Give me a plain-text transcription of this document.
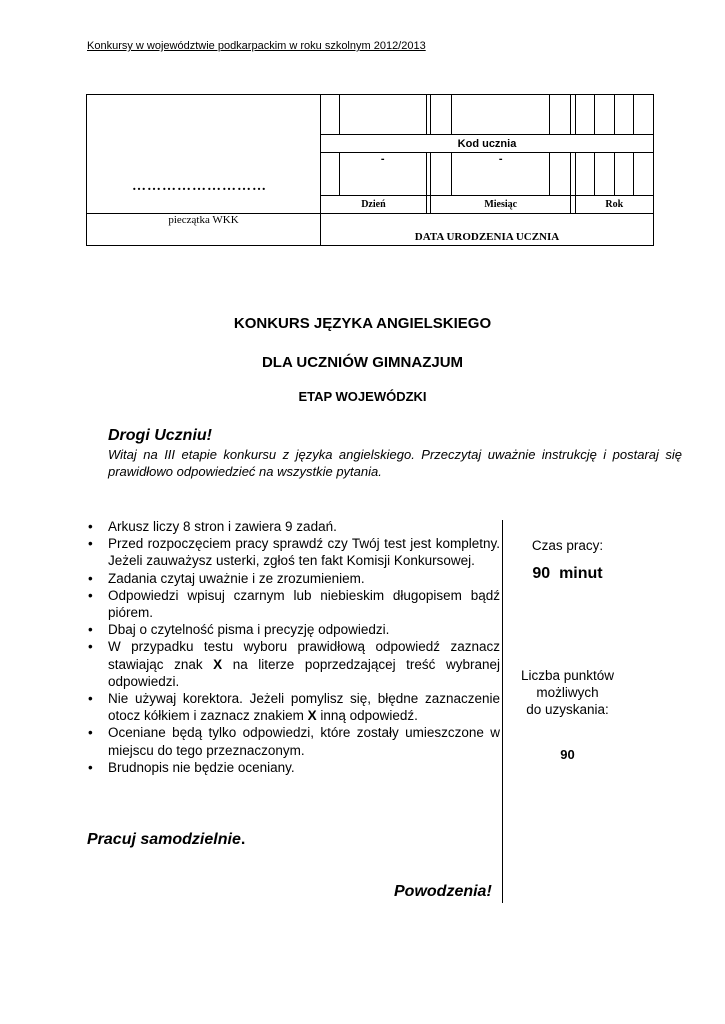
Konkursy w województwie podkarpackim w roku szkolnym 2012/2013
………………………											

	Kod ucznia										
		-			-						
	Dzień			Miesiąc				Rok			
pieczątka WKK	DATA URODZENIA UCZNIA										
KONKURS JĘZYKA ANGIELSKIEGO
DLA UCZNIÓW GIMNAZJUM
ETAP WOJEWÓDZKI
Drogi Uczniu!
Witaj na III etapie konkursu z języka angielskiego. Przeczytaj uważnie instrukcję i postaraj się prawidłowo odpowiedzieć na wszystkie pytania.
• Arkusz liczy 8 stron i zawiera 9 zadań.
• Przed rozpoczęciem pracy sprawdź czy Twój test jest kompletny. Jeżeli zauważysz usterki, zgłoś ten fakt Komisji Konkursowej.
• Zadania czytaj uważnie i ze zrozumieniem.
• Odpowiedzi wpisuj czarnym lub niebieskim długopisem bądź piórem.
• Dbaj o czytelność pisma i precyzję odpowiedzi.
• W przypadku testu wyboru prawidłową odpowiedź zaznacz stawiając znak X na literze poprzedzającej treść wybranej odpowiedzi.
• Nie używaj korektora. Jeżeli pomylisz się, błędne zaznaczenie otocz kółkiem i zaznacz znakiem X inną odpowiedź.
• Oceniane będą tylko odpowiedzi, które zostały umieszczone w miejscu do tego przeznaczonym.
• Brudnopis nie będzie oceniany.
Czas pracy:
90  minut
Liczba punktów
możliwych
do uzyskania:
90
Pracuj samodzielnie.
Powodzenia!
